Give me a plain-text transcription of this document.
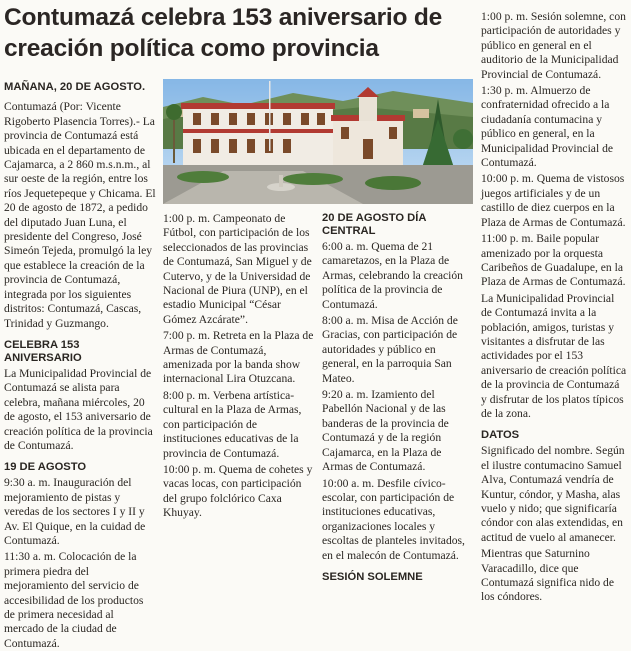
Contumazá celebra 153 aniversario de creación política como provincia

MAÑANA, 20 DE AGOSTO.

Contumazá (Por: Vicente Rigoberto Plasencia Torres).- La provincia de Contumazá está ubicada en el departamento de Cajamarca, a 2 860 m.s.n.m., al sur oeste de la región, entre los ríos Jequetepeque y Chicama. El 20 de agosto de 1872, a pedido del diputado Juan Luna, el presidente del Congreso, José Simeón Tejeda, promulgó la ley que establece la creación de la provincia de Contumazá, integrada por los siguientes distritos: Contumazá, Cascas, Trinidad y Guzmango.

CELEBRA 153 ANIVERSARIO

La Municipalidad Provincial de Contumazá se alista para celebra, mañana miércoles, 20 de agosto, el 153 aniversario de creación política de la provincia de Contumazá.

19 DE AGOSTO

9:30 a. m. Inauguración del mejoramiento de pistas y veredas de los sectores I y II y Av. El Quique, en la cuidad de Contumazá.

11:30 a. m. Colocación de la primera piedra del mejoramiento del servicio de accesibilidad de los productos de primera necesidad al mercado de la ciudad de Contumazá.

1:00 p. m. Campeonato de Fútbol, con participación de los seleccionados de las provincias de Contumazá, San Miguel y de Cutervo, y de la Universidad de Nacional de Piura (UNP), en el estadio Municipal “César Gómez Azcárate”.

7:00 p. m. Retreta en la Plaza de Armas de Contumazá, amenizada por la banda show internacional Lira Otuzcana.

8:00 p. m. Verbena artística-cultural en la Plaza de Armas, con participación de instituciones educativas de la provincia de Contumazá.

10:00 p. m. Quema de cohetes y vacas locas, con participación del grupo folclórico Caxa Khuyay.

20 DE AGOSTO DÍA CENTRAL

6:00 a. m. Quema de 21 camaretazos, en la Plaza de Armas, celebrando la creación política de la provincia de Contumazá.

8:00 a. m. Misa de Acción de Gracias, con participación de autoridades y público en general, en la parroquia San Mateo.

9:20 a. m. Izamiento del Pabellón Nacional y de las banderas de la provincia de Contumazá y de la región Cajamarca, en la Plaza de Armas de Contumazá.

10:00 a. m. Desfile cívico-escolar, con participación de instituciones educativas, organizaciones locales y escoltas de planteles invitados, en el malecón de Contumazá.

SESIÓN SOLEMNE

1:00 p. m. Sesión solemne, con participación de autoridades y público en general en el auditorio de la Municipalidad Provincial de Contumazá.

1:30 p. m. Almuerzo de confraternidad ofrecido a la ciudadanía contumacina y público en general, en la Municipalidad Provincial de Contumazá.

10:00 p. m. Quema de vistosos juegos artificiales y de un castillo de diez cuerpos en la Plaza de Armas de Contumazá.

11:00 p. m. Baile popular amenizado por la orquesta Caribeños de Guadalupe, en la Plaza de Armas de Contumazá.

La Municipalidad Provincial de Contumazá invita a la población, amigos, turistas y visitantes a disfrutar de las actividades por el 153 aniversario de creación política de la provincia de Contumazá y disfrutar de los platos típicos de la zona.

DATOS

Significado del nombre. Según el ilustre contumacino Samuel Alva, Contumazá vendría de Kuntur, cóndor, y Masha, alas vuelo y nido; que significaría cóndor con alas extendidas, en actitud de vuelo al amanecer.

Mientras que Saturnino Varacadillo, dice que Contumazá significa nido de los cóndores.
